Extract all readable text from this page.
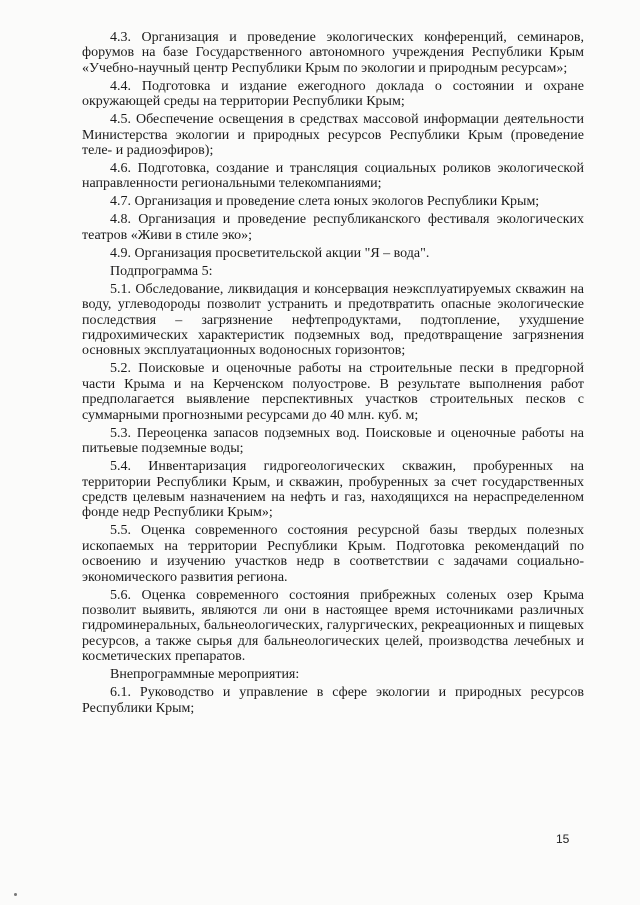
4.3. Организация и проведение экологических конференций, семинаров, форумов на базе Государственного автономного учреждения Республики Крым «Учебно-научный центр Республики Крым по экологии и природным ресурсам»;

4.4. Подготовка и издание ежегодного доклада о состоянии и охране окружающей среды на территории Республики Крым;

4.5. Обеспечение освещения в средствах массовой информации деятельности Министерства экологии и природных ресурсов Республики Крым (проведение теле- и радиоэфиров);

4.6. Подготовка, создание и трансляция социальных роликов экологической направленности региональными телекомпаниями;

4.7. Организация и проведение слета юных экологов Республики Крым;

4.8. Организация и проведение республиканского фестиваля экологических театров «Живи в стиле эко»;

4.9. Организация просветительской акции "Я – вода".

Подпрограмма 5:

5.1. Обследование, ликвидация и консервация неэксплуатируемых скважин на воду, углеводороды позволит устранить и предотвратить опасные экологические последствия – загрязнение нефтепродуктами, подтопление, ухудшение гидрохимических характеристик подземных вод, предотвращение загрязнения основных эксплуатационных водоносных горизонтов;

5.2. Поисковые и оценочные работы на строительные пески в предгорной части Крыма и на Керченском полуострове. В результате выполнения работ предполагается выявление перспективных участков строительных песков с суммарными прогнозными ресурсами до 40 млн. куб. м;

5.3. Переоценка запасов подземных вод. Поисковые и оценочные работы на питьевые подземные воды;

5.4. Инвентаризация гидрогеологических скважин, пробуренных на территории Республики Крым, и скважин, пробуренных за счет государственных средств целевым назначением на нефть и газ, находящихся на нераспределенном фонде недр Республики Крым»;

5.5. Оценка современного состояния ресурсной базы твердых полезных ископаемых на территории Республики Крым. Подготовка рекомендаций по освоению и изучению участков недр в соответствии с задачами социально-экономического развития региона.

5.6. Оценка современного состояния прибрежных соленых озер Крыма позволит выявить, являются ли они в настоящее время источниками различных гидроминеральных, бальнеологических, галургических, рекреационных и пищевых ресурсов, а также сырья для бальнеологических целей, производства лечебных и косметических препаратов.

Внепрограммные мероприятия:

6.1. Руководство и управление в сфере экологии и природных ресурсов Республики Крым;

15
